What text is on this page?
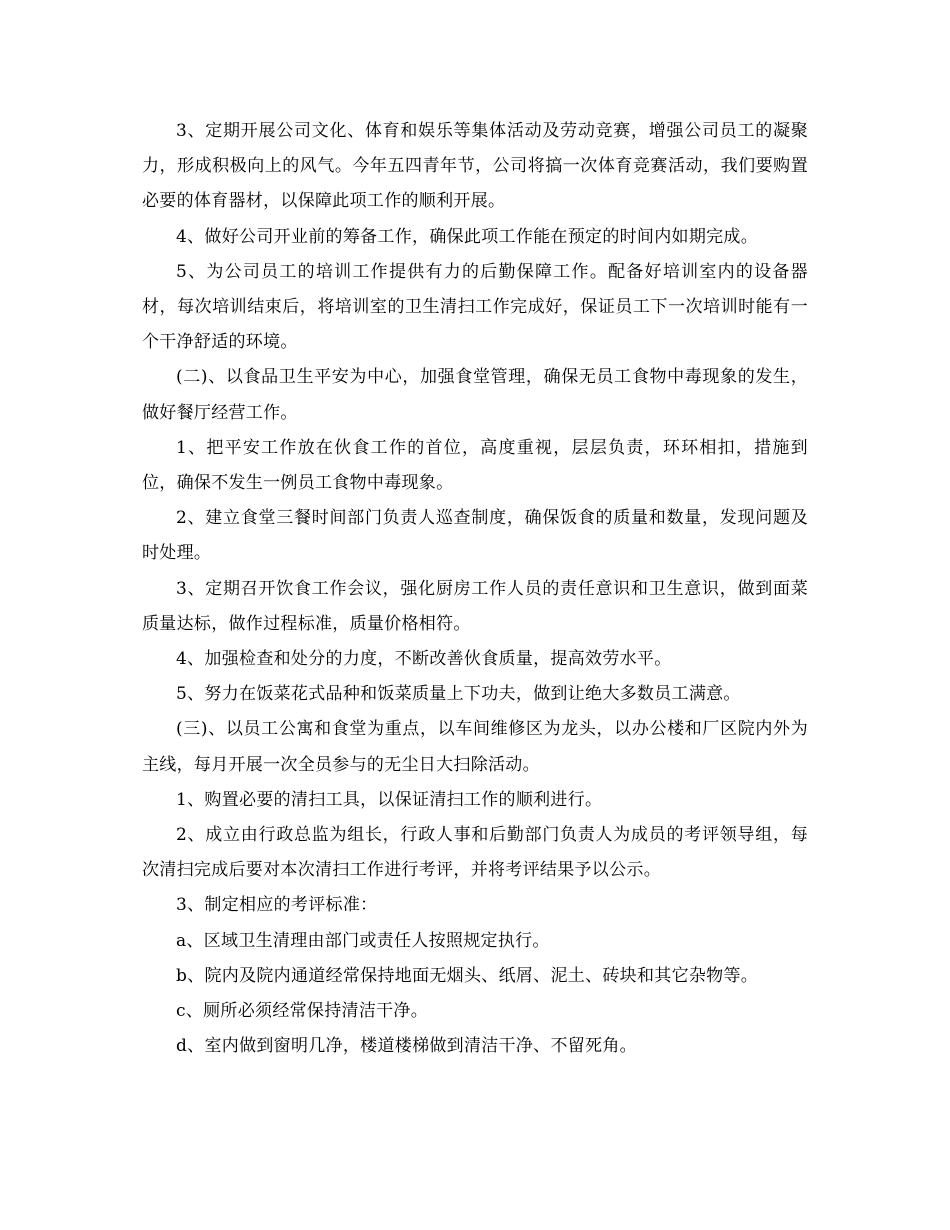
3、定期开展公司文化、体育和娱乐等集体活动及劳动竞赛，增强公司员工的凝聚力，形成积极向上的风气。今年五四青年节，公司将搞一次体育竞赛活动，我们要购置必要的体育器材，以保障此项工作的顺利开展。

4、做好公司开业前的筹备工作，确保此项工作能在预定的时间内如期完成。

5、为公司员工的培训工作提供有力的后勤保障工作。配备好培训室内的设备器材，每次培训结束后，将培训室的卫生清扫工作完成好，保证员工下一次培训时能有一个干净舒适的环境。

(二)、以食品卫生平安为中心，加强食堂管理，确保无员工食物中毒现象的发生，做好餐厅经营工作。

1、把平安工作放在伙食工作的首位，高度重视，层层负责，环环相扣，措施到位，确保不发生一例员工食物中毒现象。

2、建立食堂三餐时间部门负责人巡查制度，确保饭食的质量和数量，发现问题及时处理。

3、定期召开饮食工作会议，强化厨房工作人员的责任意识和卫生意识，做到面菜质量达标，做作过程标准，质量价格相符。

4、加强检查和处分的力度，不断改善伙食质量，提高效劳水平。

5、努力在饭菜花式品种和饭菜质量上下功夫，做到让绝大多数员工满意。

(三)、以员工公寓和食堂为重点，以车间维修区为龙头，以办公楼和厂区院内外为主线，每月开展一次全员参与的无尘日大扫除活动。

1、购置必要的清扫工具，以保证清扫工作的顺利进行。

2、成立由行政总监为组长，行政人事和后勤部门负责人为成员的考评领导组，每次清扫完成后要对本次清扫工作进行考评，并将考评结果予以公示。

3、制定相应的考评标准：

a、区域卫生清理由部门或责任人按照规定执行。

b、院内及院内通道经常保持地面无烟头、纸屑、泥土、砖块和其它杂物等。

c、厕所必须经常保持清洁干净。

d、室内做到窗明几净，楼道楼梯做到清洁干净、不留死角。
